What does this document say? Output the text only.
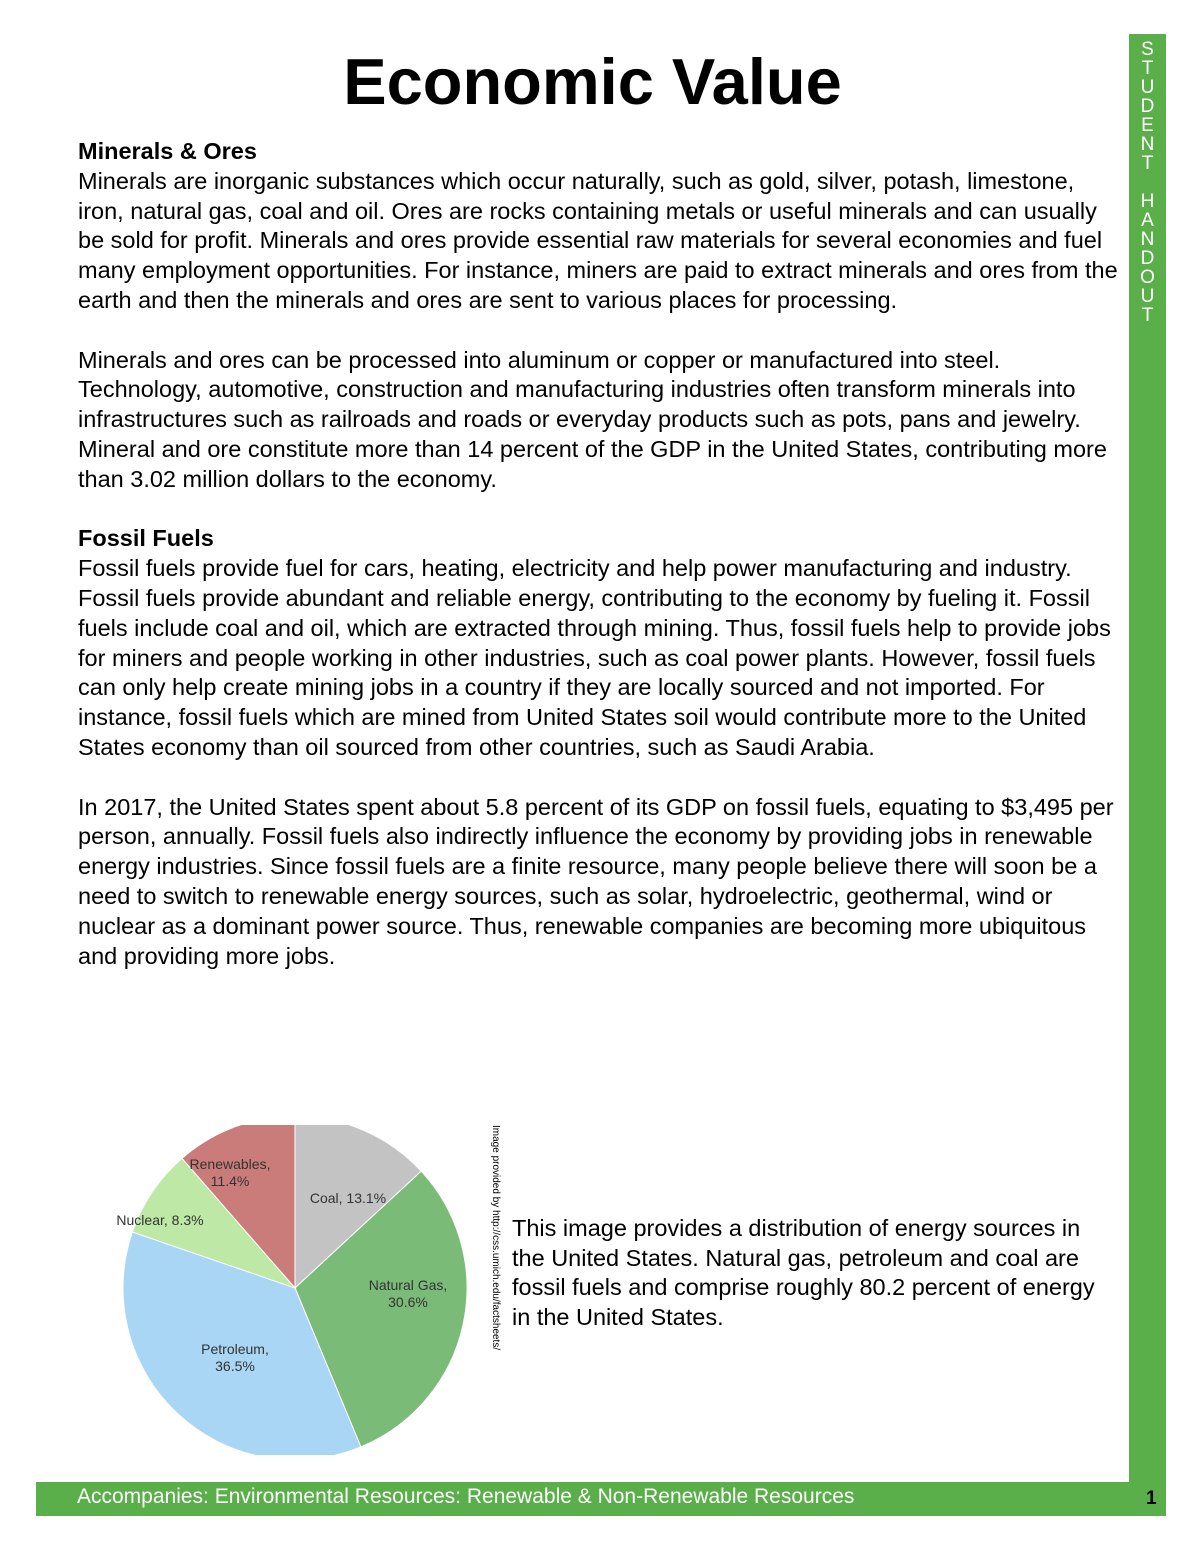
S
T
U
D
E
N
T
H
A
N
D
O
U
T
Economic Value
Minerals & Ores

Minerals are inorganic substances which occur naturally, such as gold, silver, potash, limestone, iron, natural gas, coal and oil. Ores are rocks containing metals or useful minerals and can usually be sold for profit. Minerals and ores provide essential raw materials for several economies and fuel many employment opportunities. For instance, miners are paid to extract minerals and ores from the earth and then the minerals and ores are sent to various places for processing.

Minerals and ores can be processed into aluminum or copper or manufactured into steel. Technology, automotive, construction and manufacturing industries often transform minerals into infrastructures such as railroads and roads or everyday products such as pots, pans and jewelry. Mineral and ore constitute more than 14 percent of the GDP in the United States, contributing more than 3.02 million dollars to the economy.

Fossil Fuels

Fossil fuels provide fuel for cars, heating, electricity and help power manufacturing and industry. Fossil fuels provide abundant and reliable energy, contributing to the economy by fueling it. Fossil fuels include coal and oil, which are extracted through mining. Thus, fossil fuels help to provide jobs for miners and people working in other industries, such as coal power plants. However, fossil fuels can only help create mining jobs in a country if they are locally sourced and not imported. For instance, fossil fuels which are mined from United States soil would contribute more to the United States economy than oil sourced from other countries, such as Saudi Arabia.

In 2017, the United States spent about 5.8 percent of its GDP on fossil fuels, equating to $3,495 per person, annually. Fossil fuels also indirectly influence the economy by providing jobs in renewable energy industries. Since fossil fuels are a finite resource, many people believe there will soon be a need to switch to renewable energy sources, such as solar, hydroelectric, geothermal, wind or nuclear as a dominant power source. Thus, renewable companies are becoming more ubiquitous and providing more jobs.

Coal, 13.1%
Natural Gas, 30.6%
Petroleum, 36.5%
Nuclear, 8.3%
Renewables, 11.4%	Image provided by http://css.umich.edu/factsheets/ This image provides a distribution of energy sources in the United States. Natural gas, petroleum and coal are fossil fuels and comprise roughly 80.2 percent of energy in the United States.
Accompanies: Environmental Resources: Renewable & Non-Renewable Resources	1
